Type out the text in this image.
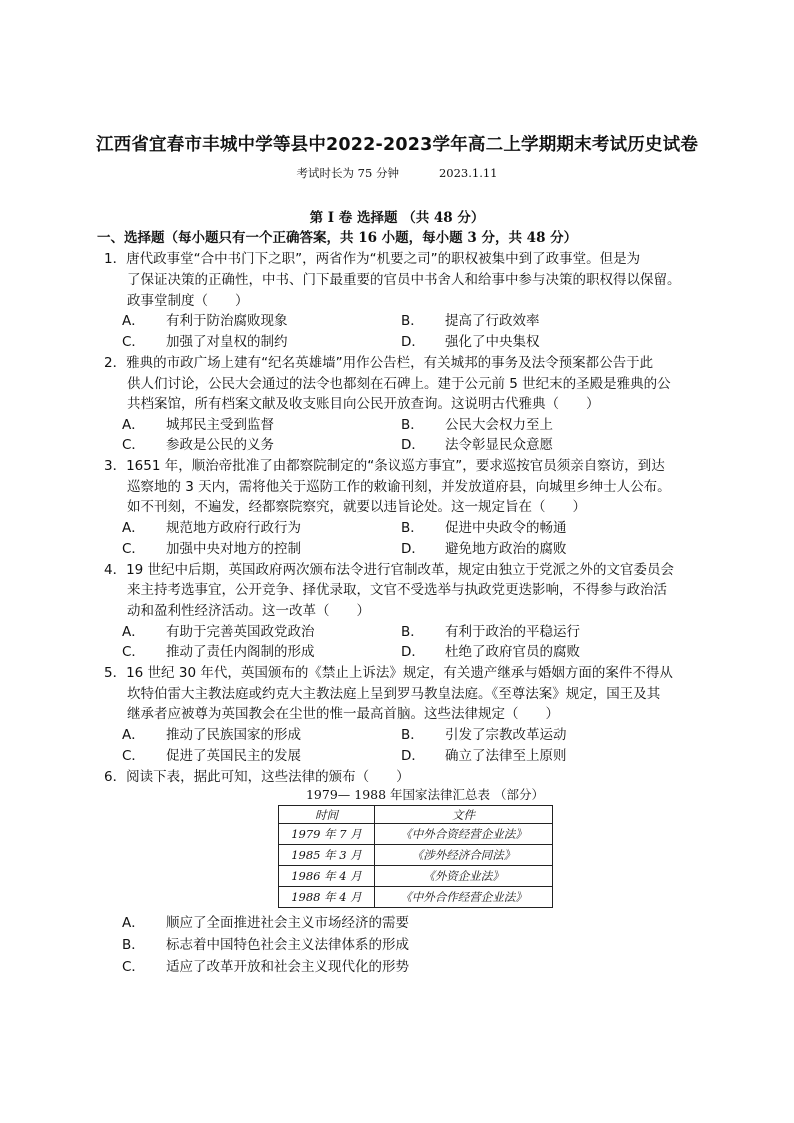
江西省宜春市丰城中学等县中2022-2023学年高二上学期期末考试历史试卷
考试时长为 75 分钟	2023.1.11
第 I 卷 选择题 （共 48 分）
一、选择题（每小题只有一个正确答案，共 16 小题，每小题 3 分，共 48 分）
1．唐代政事堂“合中书门下之职”，两省作为“机要之司”的职权被集中到了政事堂。但是为
了保证决策的正确性，中书、门下最重要的官员中书舍人和给事中参与决策的职权得以保留。
政事堂制度（　　）
A． 有利于防治腐败现象	B． 提高了行政效率
C． 加强了对皇权的制约	D． 强化了中央集权
2．雅典的市政广场上建有“纪名英雄墙”用作公告栏，有关城邦的事务及法令预案都公告于此
供人们讨论，公民大会通过的法令也都刻在石碑上。建于公元前 5 世纪末的圣殿是雅典的公
共档案馆，所有档案文献及收支账目向公民开放查询。这说明古代雅典（　　）
A． 城邦民主受到监督	B． 公民大会权力至上
C． 参政是公民的义务	D． 法令彰显民众意愿
3．1651 年，顺治帝批准了由都察院制定的“条议巡方事宜”，要求巡按官员须亲自察访，到达
巡察地的 3 天内，需将他关于巡防工作的敕谕刊刻，并发放道府县，向城里乡绅士人公布。
如不刊刻，不遍发，经都察院察究，就要以违旨论处。这一规定旨在（　　）
A． 规范地方政府行政行为	B． 促进中央政令的畅通
C． 加强中央对地方的控制	D． 避免地方政治的腐败
4．19 世纪中后期，英国政府两次颁布法令进行官制改革，规定由独立于党派之外的文官委员会
来主持考选事宜，公开竞争、择优录取，文官不受选举与执政党更迭影响，不得参与政治活
动和盈利性经济活动。这一改革（　　）
A． 有助于完善英国政党政治	B． 有利于政治的平稳运行
C． 推动了责任内阁制的形成	D． 杜绝了政府官员的腐败
5．16 世纪 30 年代，英国颁布的《禁止上诉法》规定，有关遗产继承与婚姻方面的案件不得从
坎特伯雷大主教法庭或约克大主教法庭上呈到罗马教皇法庭。《至尊法案》规定，国王及其
继承者应被尊为英国教会在尘世的惟一最高首脑。这些法律规定（　　）
A． 推动了民族国家的形成	B． 引发了宗教改革运动
C． 促进了英国民主的发展	D． 确立了法律至上原则
6．阅读下表，据此可知，这些法律的颁布（　　）
1979— 1988 年国家法律汇总表 （部分）
时间	文件
1979 年 7 月	《中外合资经营企业法》
1985 年 3 月	《涉外经济合同法》
1986 年 4 月	《外资企业法》
1988 年 4 月	《中外合作经营企业法》
A． 顺应了全面推进社会主义市场经济的需要
B． 标志着中国特色社会主义法律体系的形成
C． 适应了改革开放和社会主义现代化的形势
